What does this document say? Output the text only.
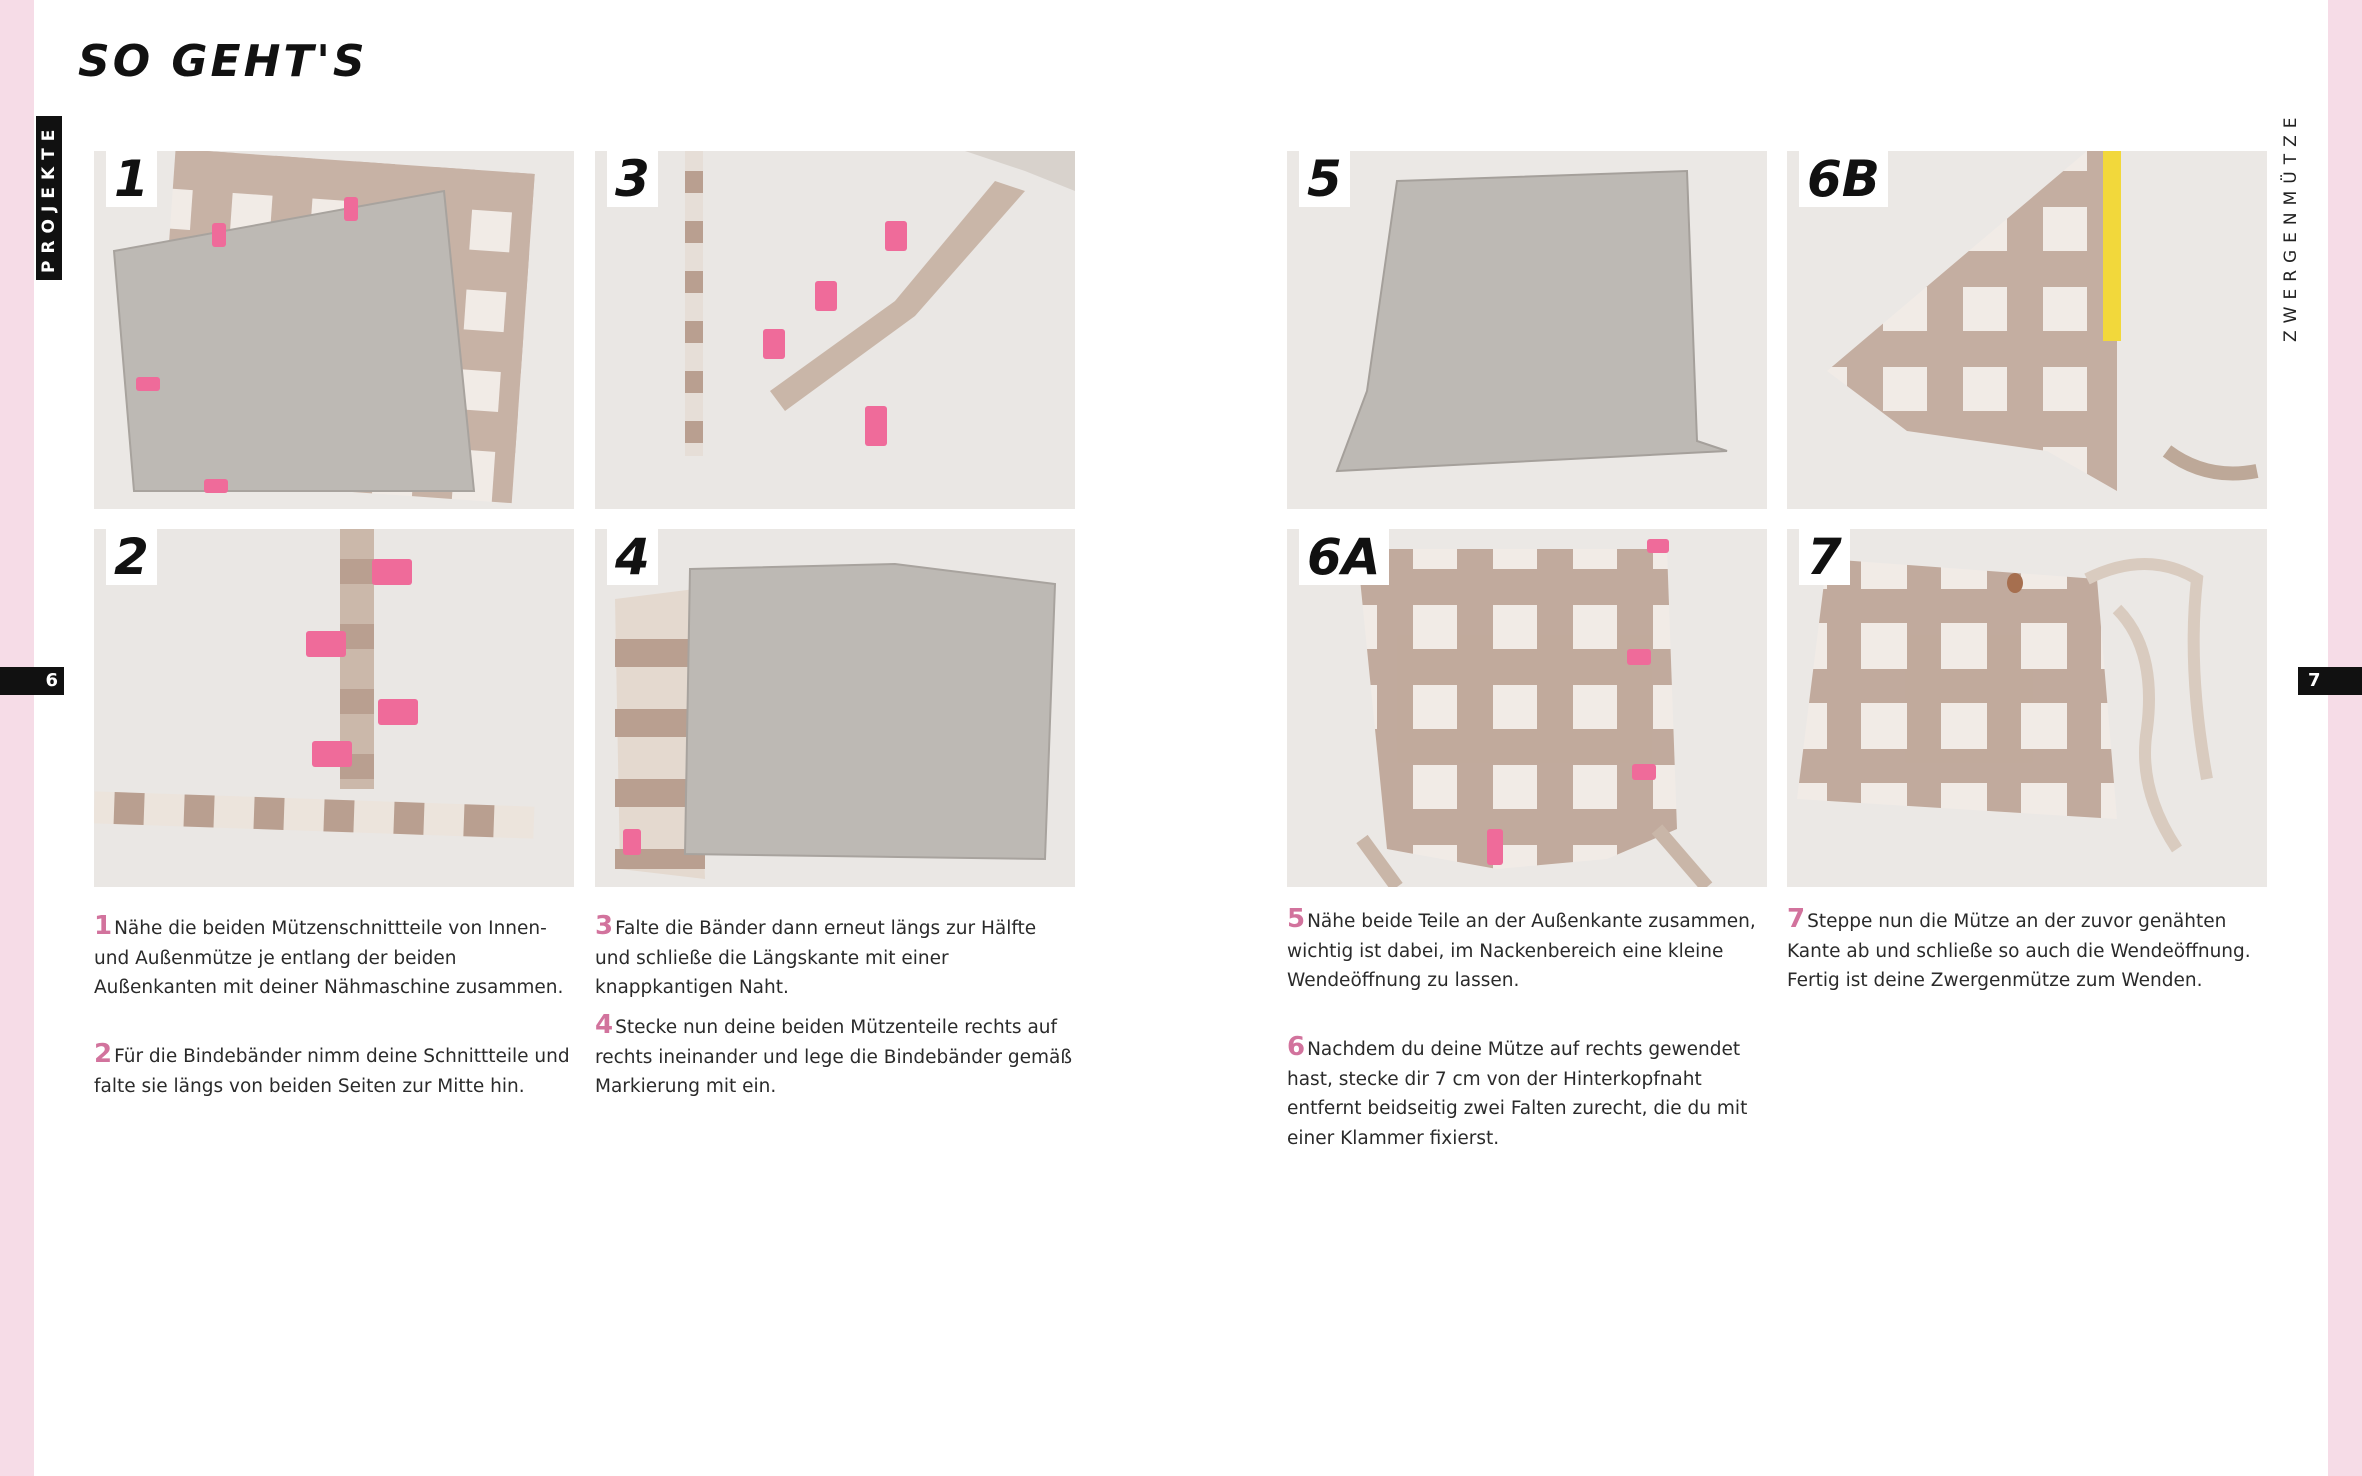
SO GEHT'S
PROJEKTE	ZWERGENMÜTZE
6	7
1	3
2	4
5	6B
6A	7
1 Nähe die beiden Mützenschnittteile von Innen- und Außenmütze je entlang der beiden Außenkanten mit deiner Nähmaschine zusammen.
2 Für die Bindebänder nimm deine Schnittteile und falte sie längs von beiden Seiten zur Mitte hin.
3 Falte die Bänder dann erneut längs zur Hälfte und schließe die Längskante mit einer knappkantigen Naht.
4 Stecke nun deine beiden Mützenteile rechts auf rechts ineinander und lege die Bindebänder gemäß Markierung mit ein.
5 Nähe beide Teile an der Außenkante zusammen, wichtig ist dabei, im Nackenbereich eine kleine Wendeöffnung zu lassen.
6 Nachdem du deine Mütze auf rechts gewendet hast, stecke dir 7 cm von der Hinterkopfnaht entfernt beidseitig zwei Falten zurecht, die du mit einer Klammer fixierst.
7 Steppe nun die Mütze an der zuvor genähten Kante ab und schließe so auch die Wendeöffnung. Fertig ist deine Zwergenmütze zum Wenden.
